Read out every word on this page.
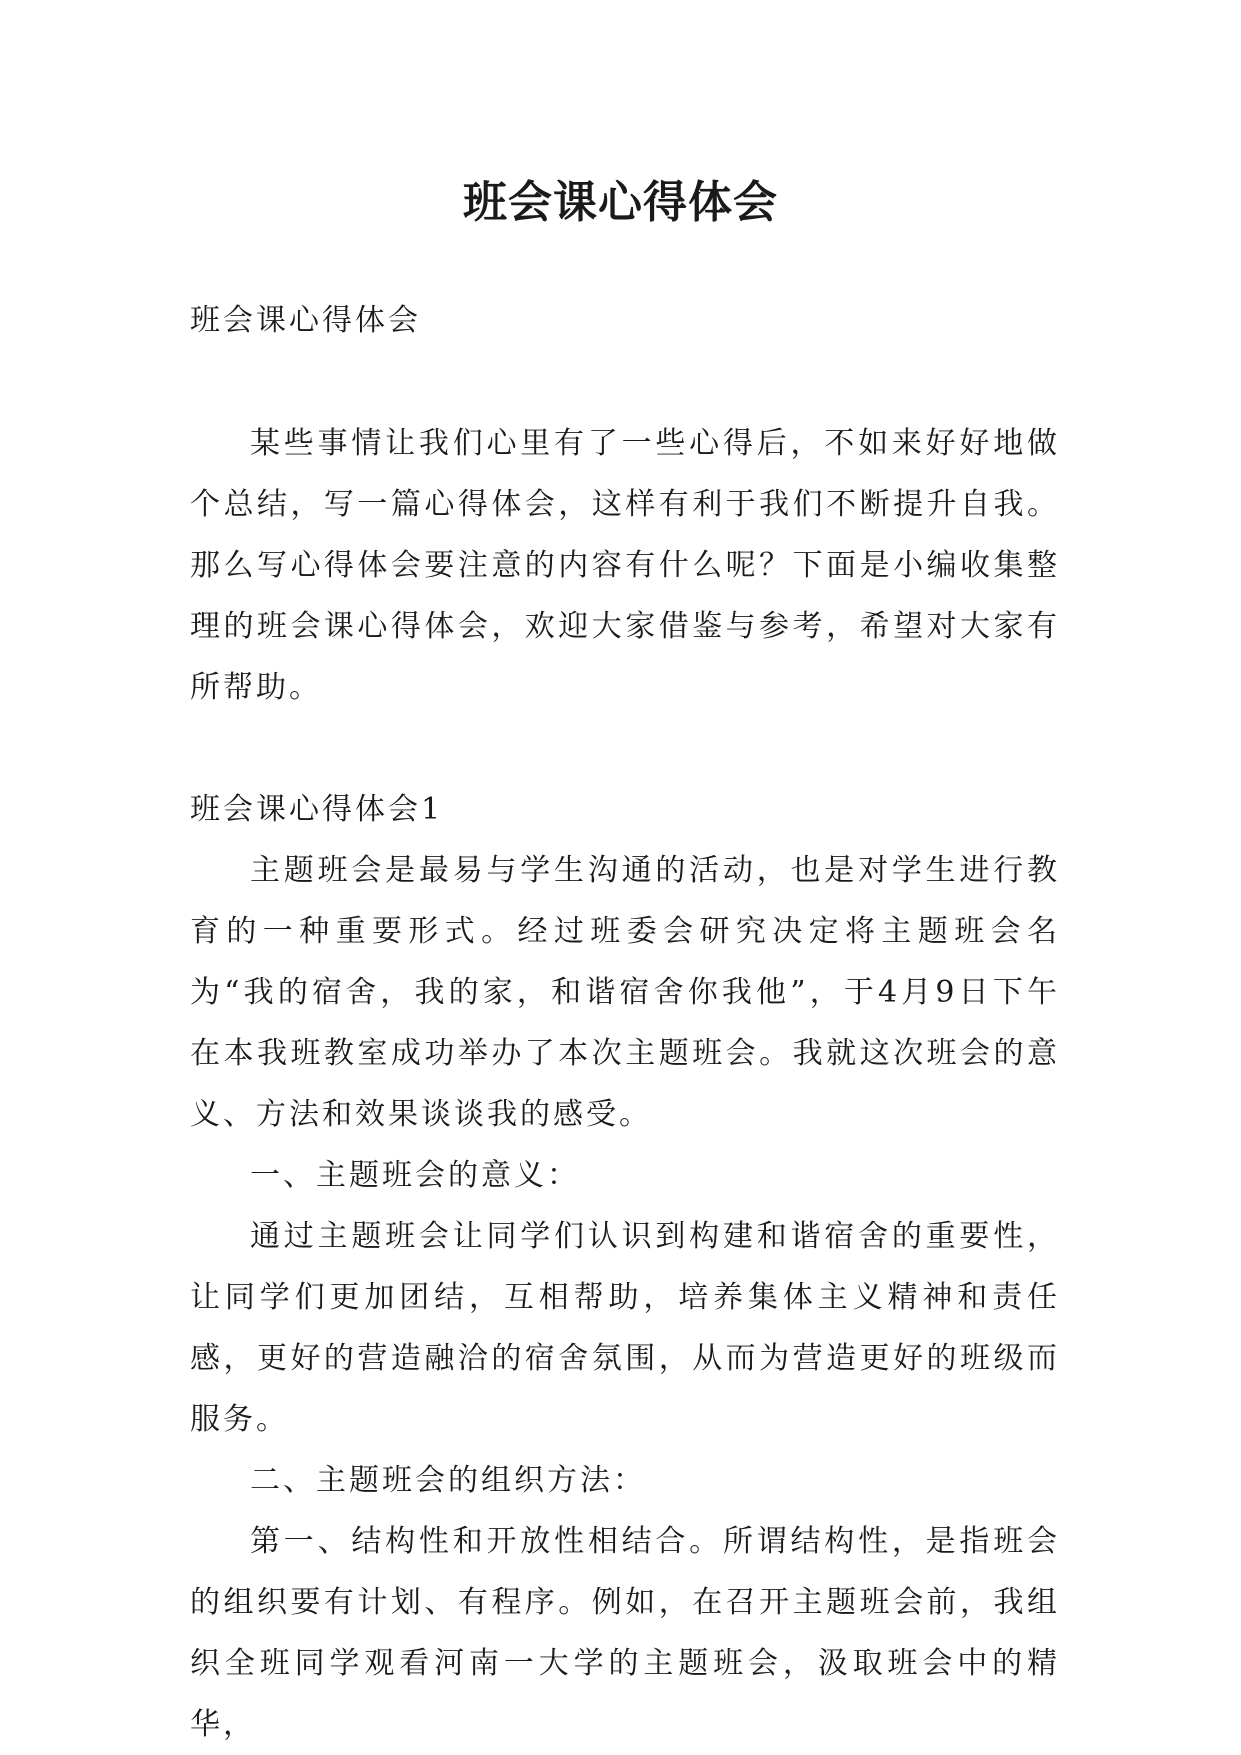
班会课心得体会

班会课心得体会

某些事情让我们心里有了一些心得后，不如来好好地做个总结，写一篇心得体会，这样有利于我们不断提升自我。那么写心得体会要注意的内容有什么呢？下面是小编收集整理的班会课心得体会，欢迎大家借鉴与参考，希望对大家有所帮助。

班会课心得体会1

主题班会是最易与学生沟通的活动，也是对学生进行教育的一种重要形式。经过班委会研究决定将主题班会名为“我的宿舍，我的家，和谐宿舍你我他”，于4月9日下午在本我班教室成功举办了本次主题班会。我就这次班会的意义、方法和效果谈谈我的感受。

一、主题班会的意义：

通过主题班会让同学们认识到构建和谐宿舍的重要性，让同学们更加团结，互相帮助，培养集体主义精神和责任感，更好的营造融洽的宿舍氛围，从而为营造更好的班级而服务。

二、主题班会的组织方法：

第一、结构性和开放性相结合。所谓结构性，是指班会的组织要有计划、有程序。例如，在召开主题班会前，我组织全班同学观看河南一大学的主题班会，汲取班会中的精华，
